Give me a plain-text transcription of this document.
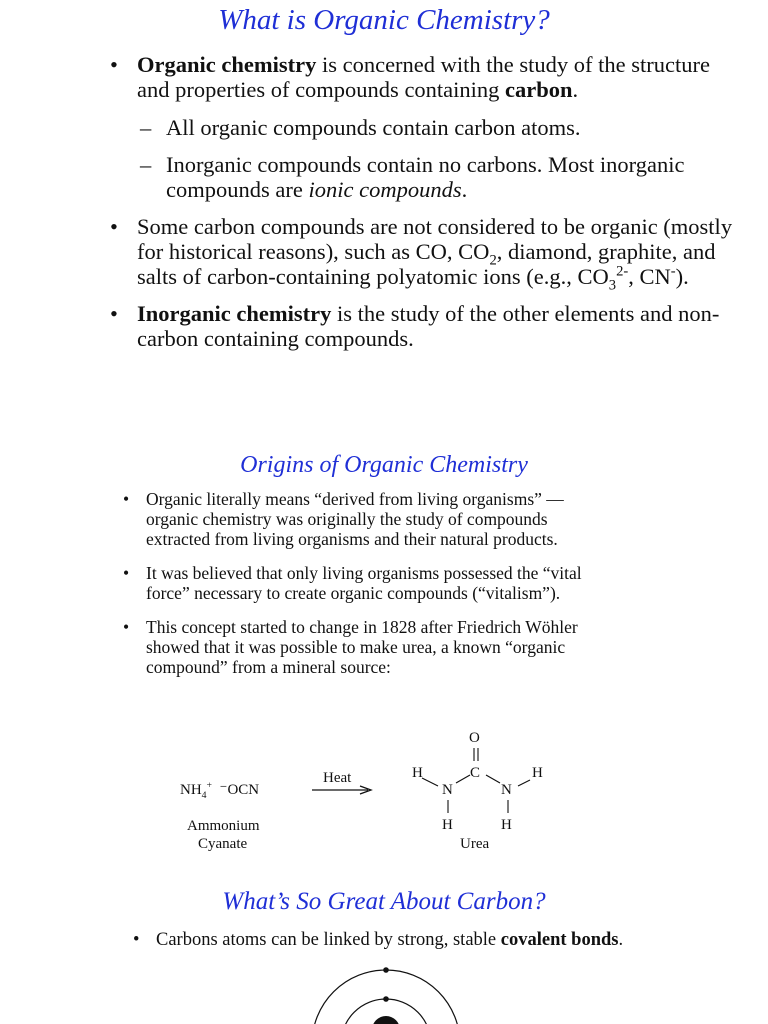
What is Organic Chemistry?
• Organic chemistry is concerned with the study of the structure and properties of compounds containing carbon.
– All organic compounds contain carbon atoms.
– Inorganic compounds contain no carbons. Most inorganic compounds are ionic compounds.
• Some carbon compounds are not considered to be organic (mostly for historical reasons), such as CO, $CO_2$, diamond, graphite, and salts of carbon-containing polyatomic ions (e.g., $CO_3^{2-}$, CN-).
• Inorganic chemistry is the study of the other elements and non-carbon containing compounds.
Origins of Organic Chemistry
• Organic literally means “derived from living organisms” — organic chemistry was originally the study of compounds extracted from living organisms and their natural products.
• It was believed that only living organisms possessed the “vital force” necessary to create organic compounds (“vitalism”).
• This concept started to change in 1828 after Friedrich Wöhler showed that it was possible to make urea, a known “organic compound” from a mineral source:
$NH_4^+$ ⁻OCN
Ammonium
Cyanate
Heat
O
C
H	H
N	N
H	H
Urea
What’s So Great About Carbon?
• Carbons atoms can be linked by strong, stable covalent bonds.
